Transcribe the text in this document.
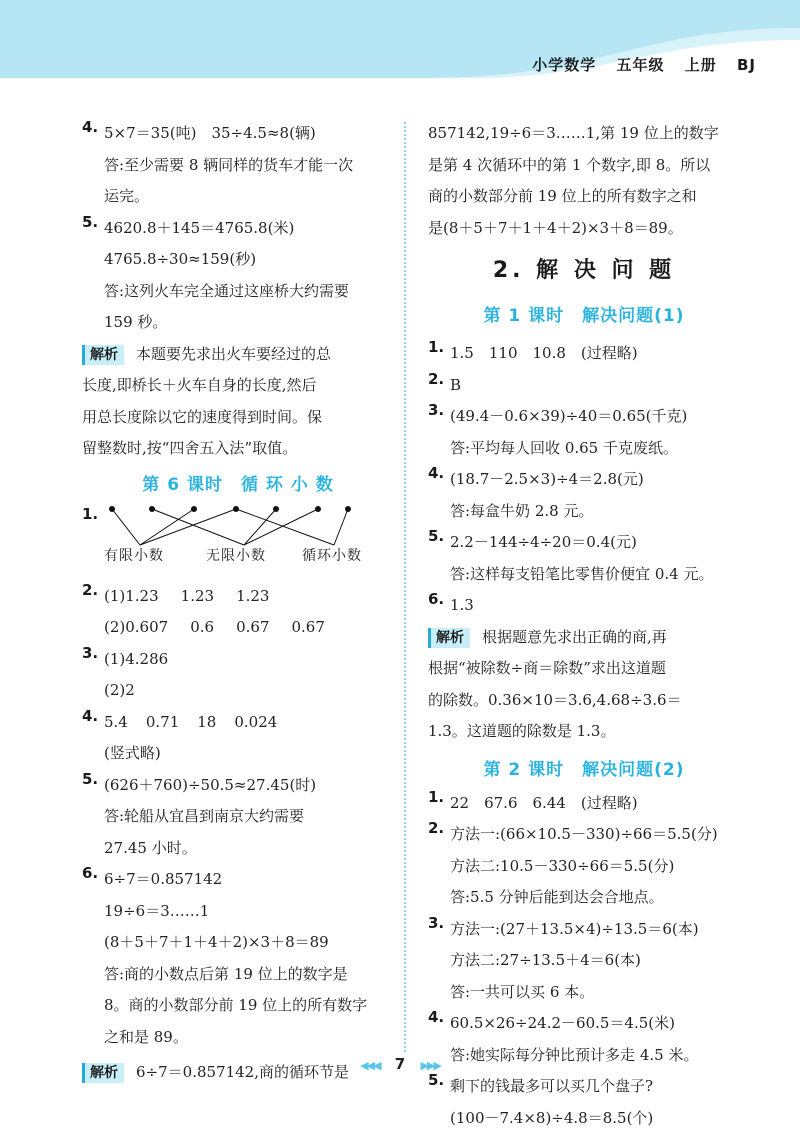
小学数学 五年级 上册 BJ
4. 5×7＝35(吨)　35÷4.5≈8(辆)
答:至少需要 8 辆同样的货车才能一次
运完。
5. 4620.8＋145＝4765.8(米)
4765.8÷30≈159(秒)
答:这列火车完全通过这座桥大约需要
159 秒。
解析 本题要先求出火车要经过的总
长度,即桥长＋火车自身的长度,然后
用总长度除以它的速度得到时间。保
留整数时,按“四舍五入法”取值。
第 6 课时　循 环 小 数
1.
有限小数	无限小数	循环小数
2. (1)1.23 1.23 1.23
(2)0.607 0.6 0.67 0.67
3. (1)4.286
(2)2
4. 5.4 0.71 18 0.024
(竖式略)
5. (626＋760)÷50.5≈27.45(时)
答:轮船从宜昌到南京大约需要
27.45 小时。
6. 6÷7＝0.857142
19÷6＝3……1
(8＋5＋7＋1＋4＋2)×3＋8＝89
答:商的小数点后第 19 位上的数字是
8。商的小数部分前 19 位上的所有数字
之和是 89。
解析 6÷7＝0.857142,商的循环节是
857142,19÷6＝3……1,第 19 位上的数字
是第 4 次循环中的第 1 个数字,即 8。所以
商的小数部分前 19 位上的所有数字之和
是(8＋5＋7＋1＋4＋2)×3＋8＝89。
2. 解 决 问 题
第 1 课时　解决问题(1)
1. 1.5　110　10.8　(过程略)
2. B
3. (49.4－0.6×39)÷40＝0.65(千克)
答:平均每人回收 0.65 千克废纸。
4. (18.7－2.5×3)÷4＝2.8(元)
答:每盒牛奶 2.8 元。
5. 2.2－144÷4÷20＝0.4(元)
答:这样每支铅笔比零售价便宜 0.4 元。
6. 1.3
解析 根据题意先求出正确的商,再
根据“被除数÷商＝除数”求出这道题
的除数。0.36×10＝3.6,4.68÷3.6＝
1.3。这道题的除数是 1.3。
第 2 课时　解决问题(2)
1. 22　67.6　6.44　(过程略)
2. 方法一:(66×10.5－330)÷66＝5.5(分)
方法二:10.5－330÷66＝5.5(分)
答:5.5 分钟后能到达会合地点。
3. 方法一:(27＋13.5×4)÷13.5＝6(本)
方法二:27÷13.5＋4＝6(本)
答:一共可以买 6 本。
4. 60.5×26÷24.2－60.5＝4.5(米)
答:她实际每分钟比预计多走 4.5 米。
5. 剩下的钱最多可以买几个盘子?
(100－7.4×8)÷4.8＝8.5(个)
◀◀◀ 7 ▶▶▶
